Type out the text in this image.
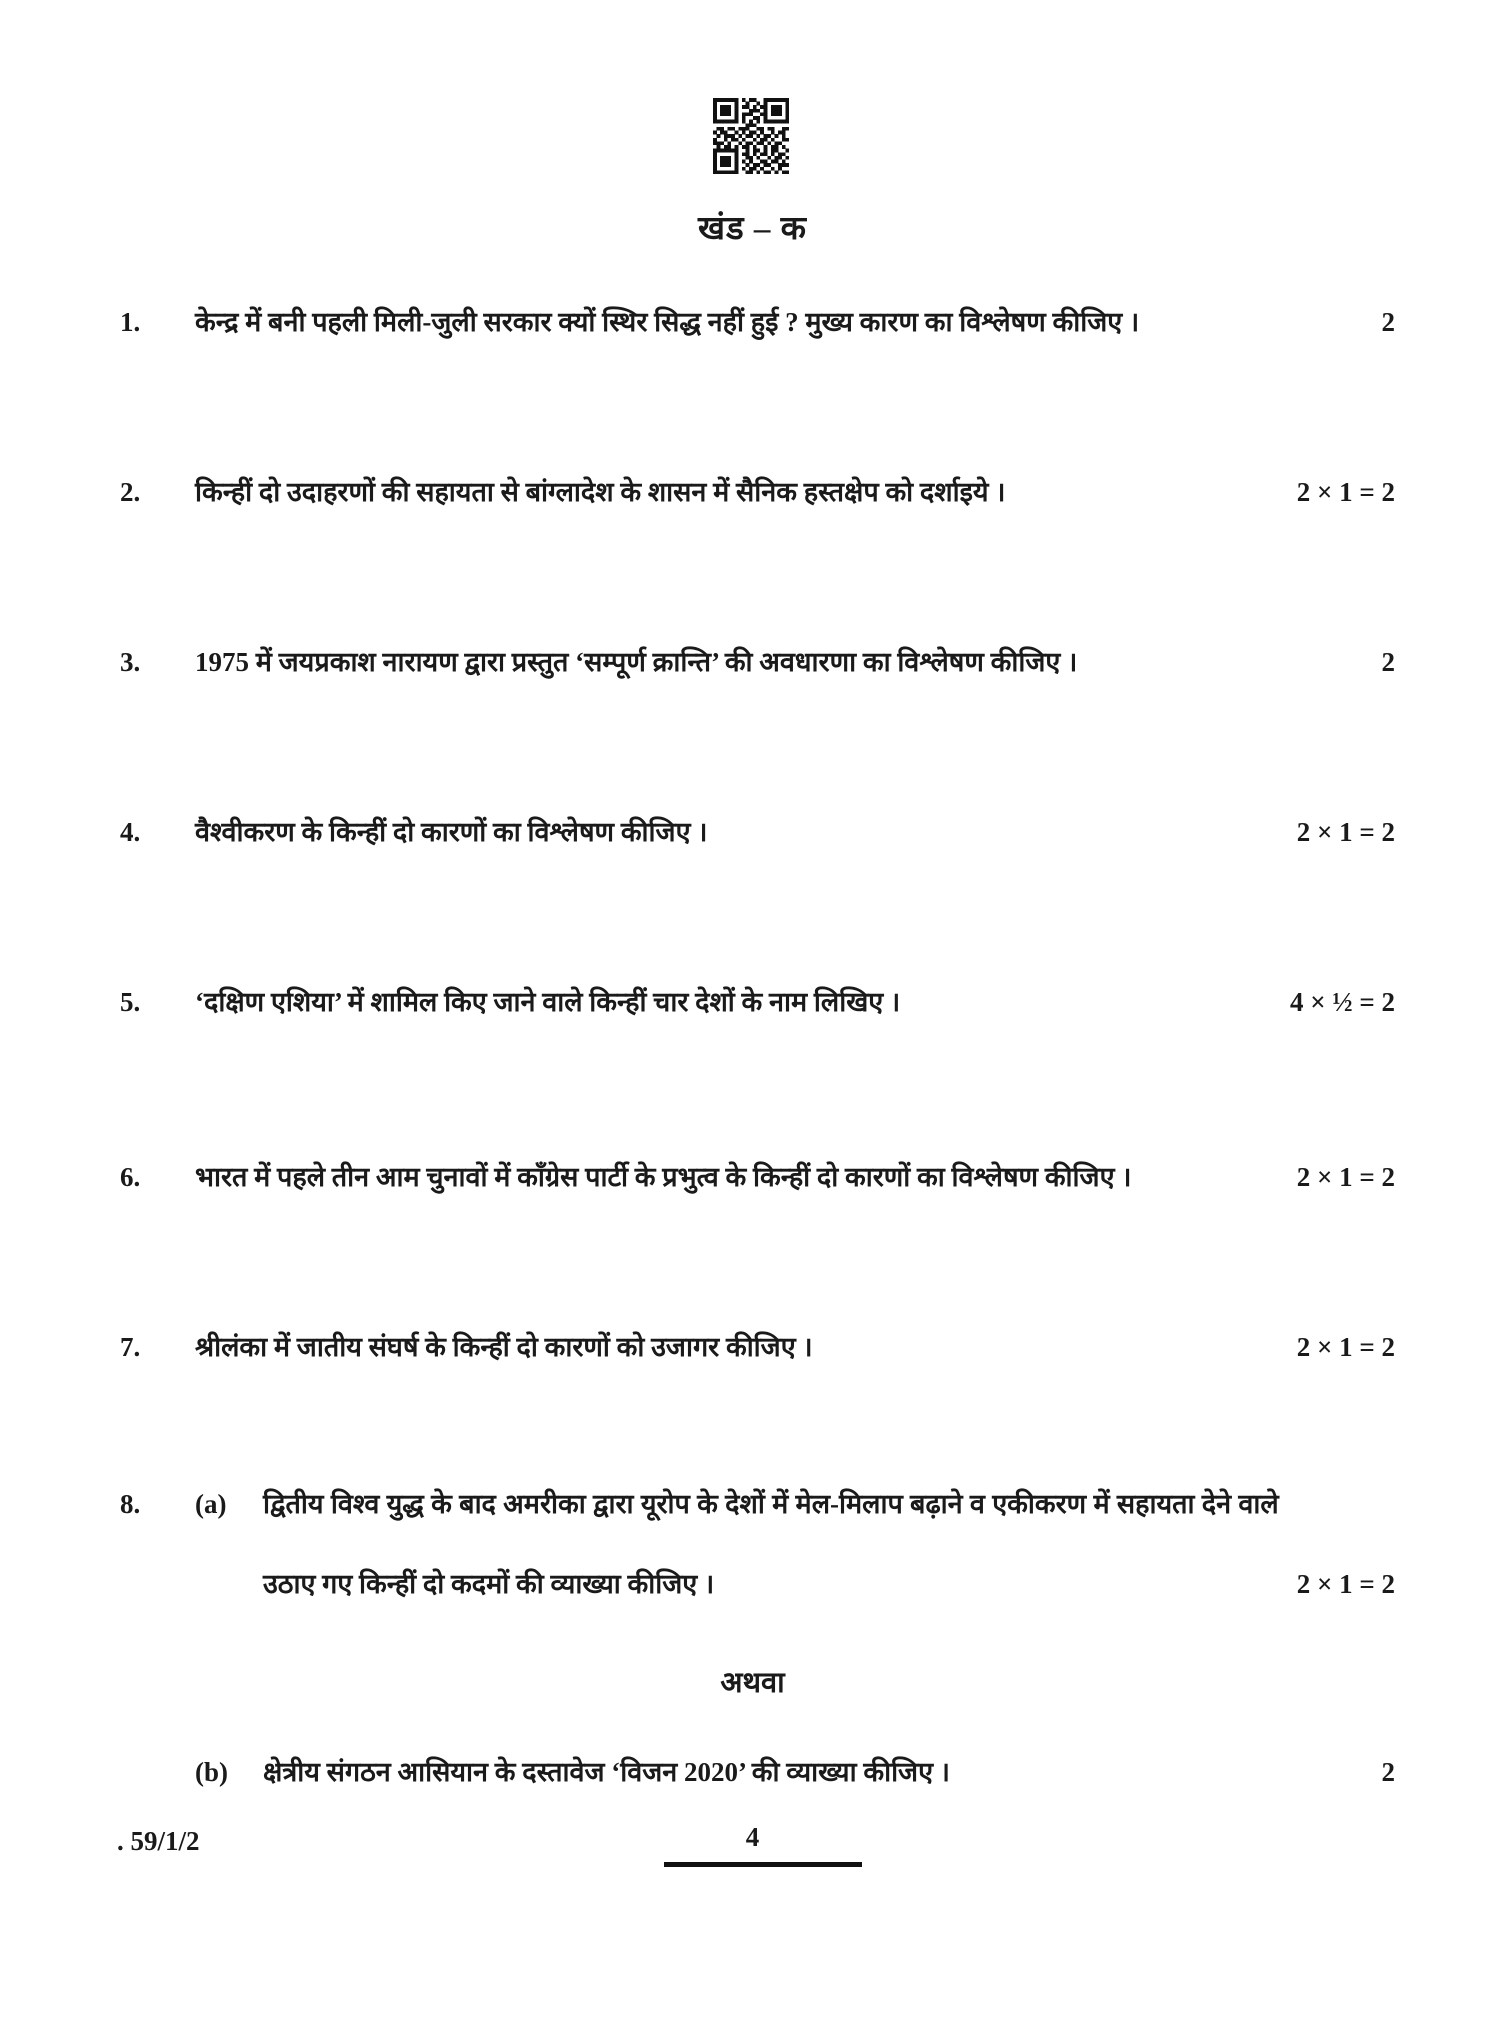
खंड – क
1.	केन्द्र में बनी पहली मिली-जुली सरकार क्यों स्थिर सिद्ध नहीं हुई ? मुख्य कारण का विश्लेषण कीजिए ।	2
2.	किन्हीं दो उदाहरणों की सहायता से बांग्लादेश के शासन में सैनिक हस्तक्षेप को दर्शाइये ।	2 × 1 = 2
3.	1975 में जयप्रकाश नारायण द्वारा प्रस्तुत ‘सम्पूर्ण क्रान्ति’ की अवधारणा का विश्लेषण कीजिए ।	2
4.	वैश्वीकरण के किन्हीं दो कारणों का विश्लेषण कीजिए ।	2 × 1 = 2
5.	‘दक्षिण एशिया’ में शामिल किए जाने वाले किन्हीं चार देशों के नाम लिखिए ।	4 × ½ = 2
6.	भारत में पहले तीन आम चुनावों में काँग्रेस पार्टी के प्रभुत्व के किन्हीं दो कारणों का विश्लेषण कीजिए ।	2 × 1 = 2
7.	श्रीलंका में जातीय संघर्ष के किन्हीं दो कारणों को उजागर कीजिए ।	2 × 1 = 2
8.	(a)	द्वितीय विश्व युद्ध के बाद अमरीका द्वारा यूरोप के देशों में मेल-मिलाप बढ़ाने व एकीकरण में सहायता देने वाले उठाए गए किन्हीं दो कदमों की व्याख्या कीजिए ।	2 × 1 = 2
अथवा
(b)	क्षेत्रीय संगठन आसियान के दस्तावेज ‘विजन 2020’ की व्याख्या कीजिए ।	2
. 59/1/2	4
